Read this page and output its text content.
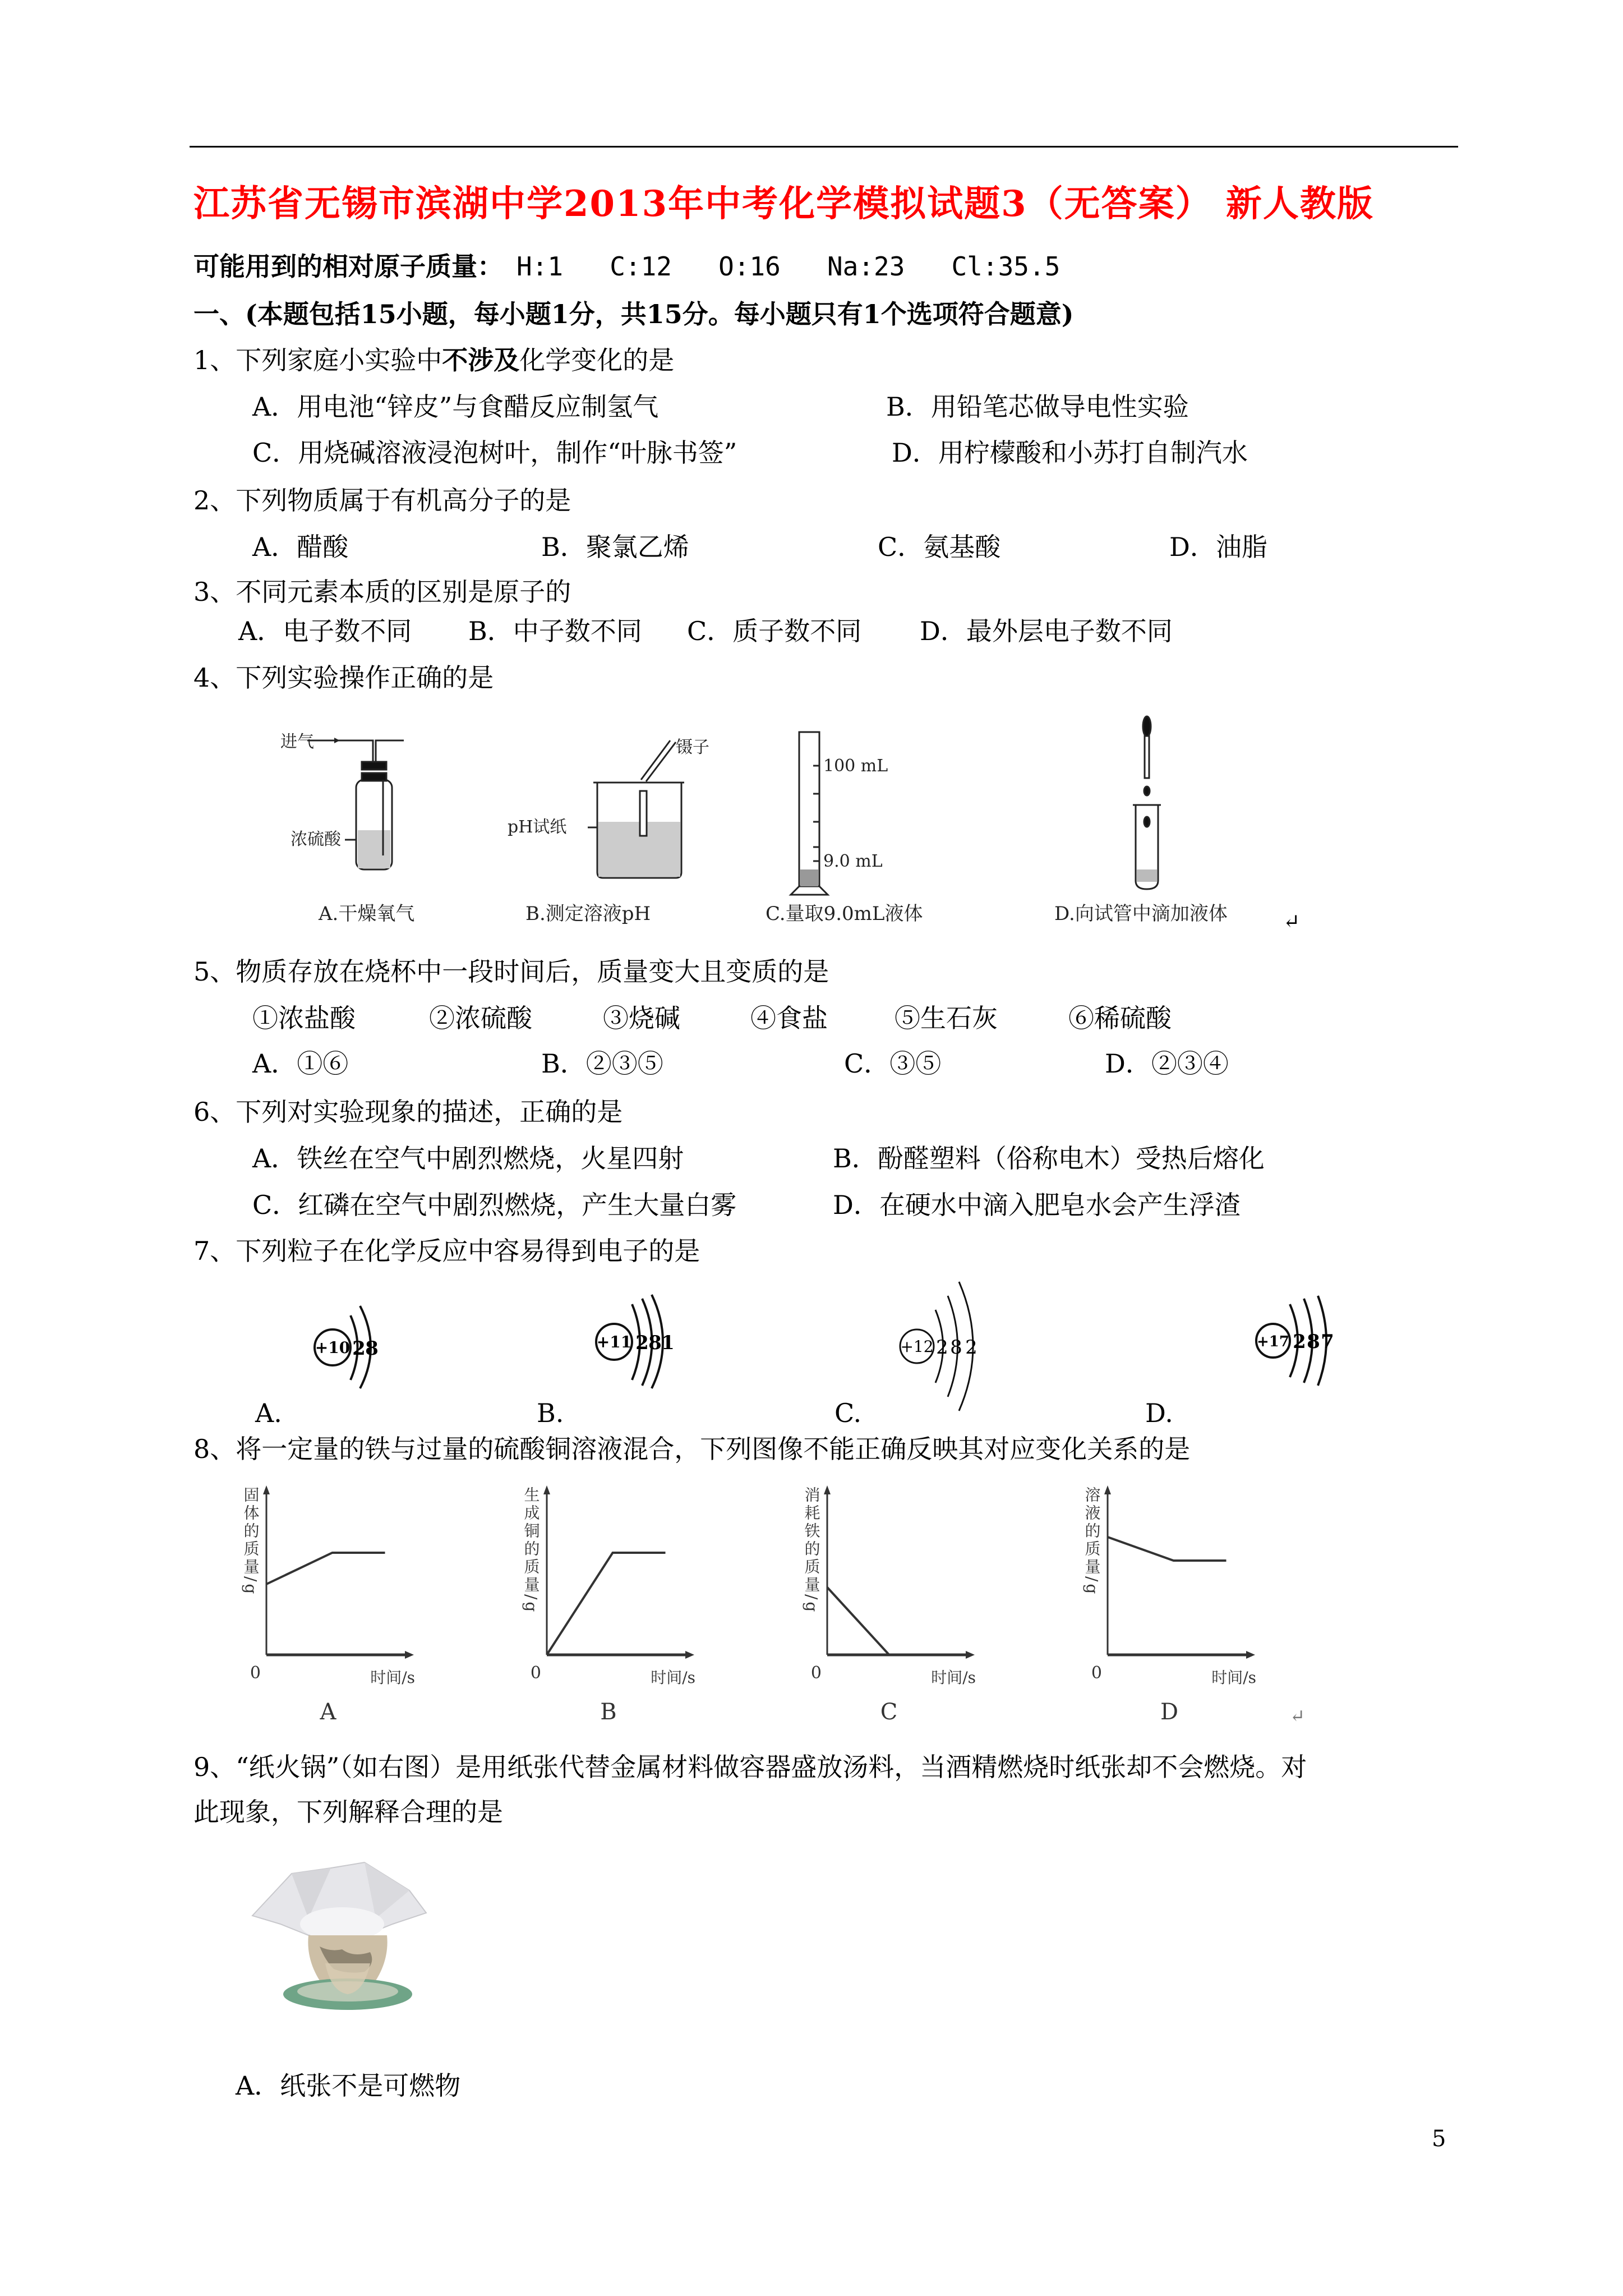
江苏省无锡市滨湖中学2013年中考化学模拟试题3（无答案） 新人教版
可能用到的相对原子质量： H:1 C:12 O:16 Na:23 Cl:35.5
一、(本题包括15小题，每小题1分，共15分。每小题只有1个选项符合题意)
1、下列家庭小实验中不涉及化学变化的是
A．用电池“锌皮”与食醋反应制氢气	B．用铅笔芯做导电性实验
C．用烧碱溶液浸泡树叶，制作“叶脉书签”	D．用柠檬酸和小苏打自制汽水
2、下列物质属于有机高分子的是
A．醋酸	B．聚氯乙烯	C．氨基酸	D．油脂
3、不同元素本质的区别是原子的
A．电子数不同 B．中子数不同 C．质子数不同 D．最外层电子数不同
4、下列实验操作正确的是
进气
浓硫酸
A.干燥氧气
镊子
pH试纸
B.测定溶液pH
100 mL
9.0 mL
C.量取9.0mL液体	D.向试管中滴加液体	↵
5、物质存放在烧杯中一段时间后，质量变大且变质的是
①浓盐酸	②浓硫酸	③烧碱	④食盐	⑤生石灰	⑥稀硫酸
A．①⑥	B．②③⑤	C．③⑤	D．②③④
6、下列对实验现象的描述，正确的是
A．铁丝在空气中剧烈燃烧，火星四射	B．酚醛塑料（俗称电木）受热后熔化
C．红磷在空气中剧烈燃烧，产生大量白雾	D．在硬水中滴入肥皂水会产生浮渣
7、下列粒子在化学反应中容易得到电子的是
A.
+10 2 8
B.
+11 2 8 1
C.
+12 2 8 2
D.
+17 2 8 7
8、将一定量的铁与过量的硫酸铜溶液混合，下列图像不能正确反映其对应变化关系的是
固体的质量/g
0	时间/s
A
生成铜的质量/g
0	时间/s
B
消耗铁的质量/g
0	时间/s
C
溶液的质量/g
0	时间/s
D	↵
9、“纸火锅”（如右图）是用纸张代替金属材料做容器盛放汤料，当酒精燃烧时纸张却不会燃烧。对
此现象，下列解释合理的是
A．纸张不是可燃物
5
